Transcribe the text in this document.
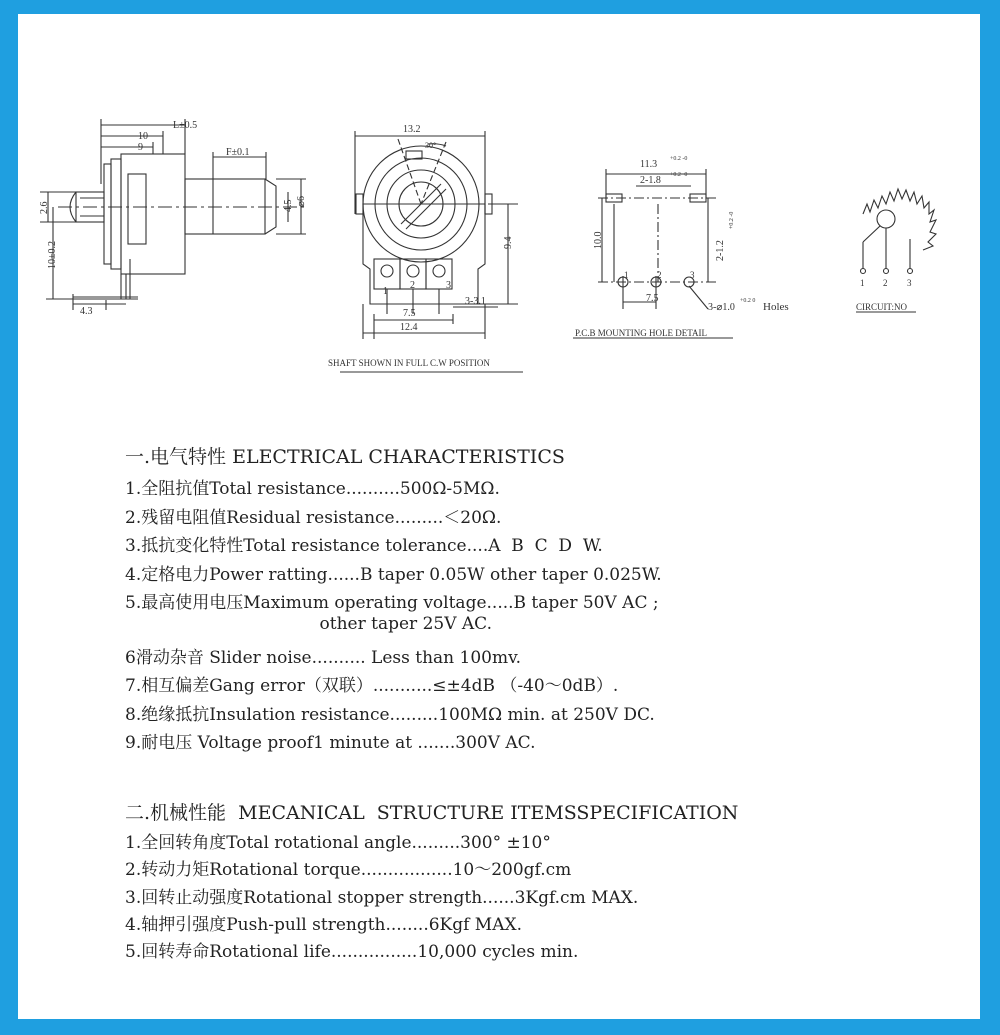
L±0.5
10
9	F±0.1
2.6
10±0.2
4.5 ⌀6
4.3
13.2
30°
9.4
1
2	3
7.5
3-3.1
12.4
SHAFT SHOWN IN FULL C.W POSITION
11.3 +0.2 -0
2-1.8 +0.2 -0
10.0	2-1.2
+0.2 -0
1	2	3
7.5
3-⌀1.0
+0.2 0 Holes
P.C.B MOUNTING HOLE DETAIL
1 2 3
CIRCUIT:NO
一.电气特性 ELECTRICAL CHARACTERISTICS
1.全阻抗值Total resistance..........500Ω-5MΩ.
2.残留电阻值Residual resistance.........＜20Ω.
3.抵抗变化特性Total resistance tolerance....A  B  C  D  W.
4.定格电力Power ratting......B taper 0.05W other taper 0.025W.
5.最高使用电压Maximum operating voltage.....B taper 50V AC ;
other taper 25V AC.
6滑动杂音 Slider noise.......... Less than 100mv.
7.相互偏差Gang error（双联）...........≤±4dB （-40～0dB）.
8.绝缘抵抗Insulation resistance.........100MΩ min. at 250V DC.
9.耐电压 Voltage proof1 minute at .......300V AC.
二.机械性能  MECANICAL  STRUCTURE ITEMSSPECIFICATION
1.全回转角度Total rotational angle.........300° ±10°
2.转动力矩Rotational torque.................10～200gf.cm
3.回转止动强度Rotational stopper strength......3Kgf.cm MAX.
4.轴押引强度Push-pull strength........6Kgf MAX.
5.回转寿命Rotational life................10,000 cycles min.
